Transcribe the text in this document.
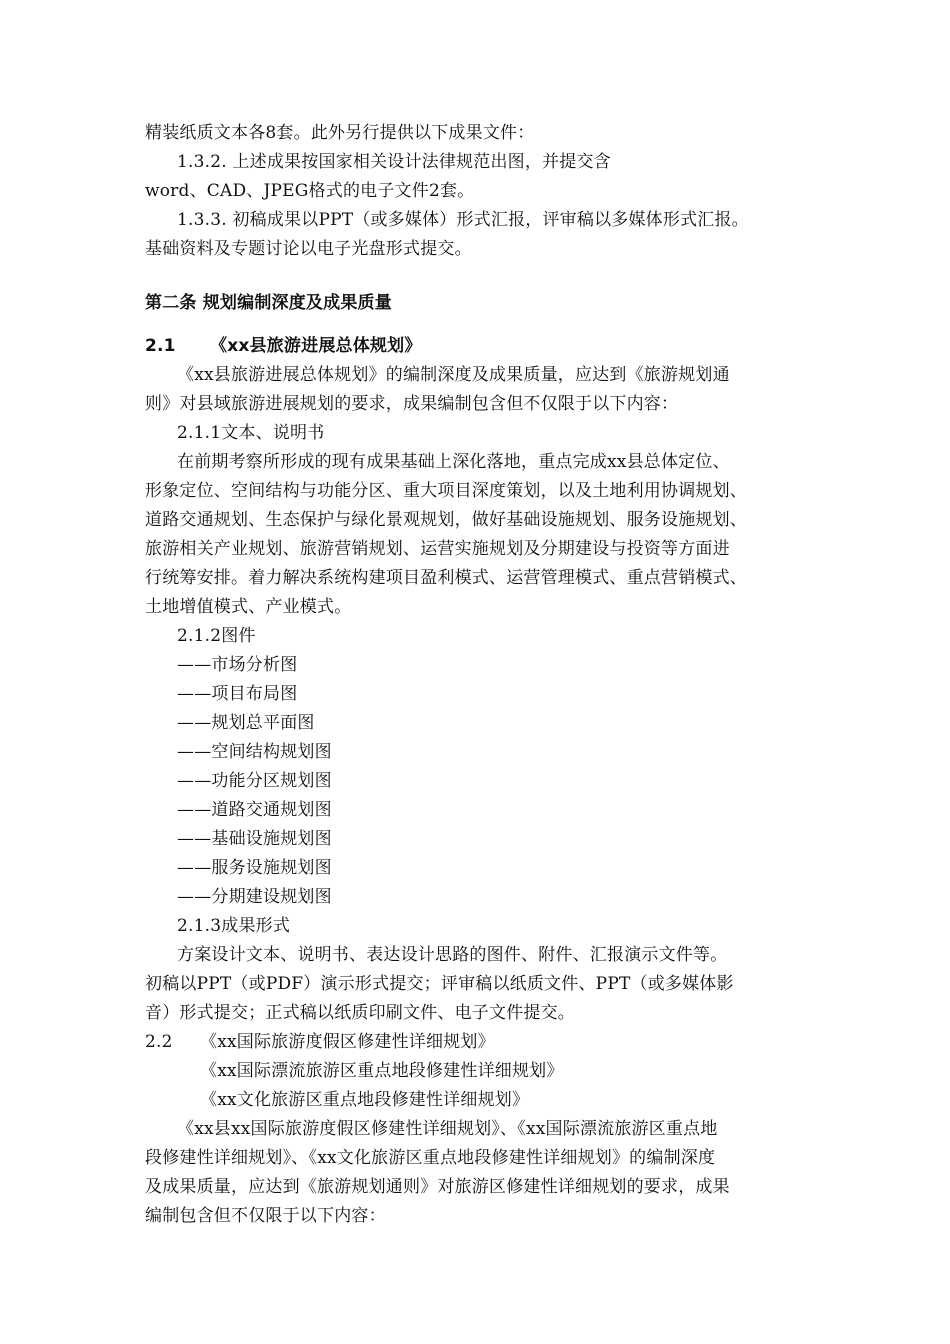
精装纸质文本各8套。此外另行提供以下成果文件：
1.3.2. 上述成果按国家相关设计法律规范出图，并提交含
word、CAD、JPEG格式的电子文件2套。
1.3.3. 初稿成果以PPT（或多媒体）形式汇报，评审稿以多媒体形式汇报。
基础资料及专题讨论以电子光盘形式提交。
第二条 规划编制深度及成果质量
2.1 《xx县旅游进展总体规划》
《xx县旅游进展总体规划》的编制深度及成果质量，应达到《旅游规划通
则》对县域旅游进展规划的要求，成果编制包含但不仅限于以下内容：
2.1.1文本、说明书
在前期考察所形成的现有成果基础上深化落地，重点完成xx县总体定位、
形象定位、空间结构与功能分区、重大项目深度策划，以及土地利用协调规划、
道路交通规划、生态保护与绿化景观规划，做好基础设施规划、服务设施规划、
旅游相关产业规划、旅游营销规划、运营实施规划及分期建设与投资等方面进
行统筹安排。着力解决系统构建项目盈利模式、运营管理模式、重点营销模式、
土地增值模式、产业模式。
2.1.2图件
——市场分析图
——项目布局图
——规划总平面图
——空间结构规划图
——功能分区规划图
——道路交通规划图
——基础设施规划图
——服务设施规划图
——分期建设规划图
2.1.3成果形式
方案设计文本、说明书、表达设计思路的图件、附件、汇报演示文件等。
初稿以PPT（或PDF）演示形式提交；评审稿以纸质文件、PPT（或多媒体影
音）形式提交；正式稿以纸质印刷文件、电子文件提交。
2.2 《xx国际旅游度假区修建性详细规划》
《xx国际漂流旅游区重点地段修建性详细规划》
《xx文化旅游区重点地段修建性详细规划》
《xx县xx国际旅游度假区修建性详细规划》、《xx国际漂流旅游区重点地
段修建性详细规划》、《xx文化旅游区重点地段修建性详细规划》的编制深度
及成果质量，应达到《旅游规划通则》对旅游区修建性详细规划的要求，成果
编制包含但不仅限于以下内容：
